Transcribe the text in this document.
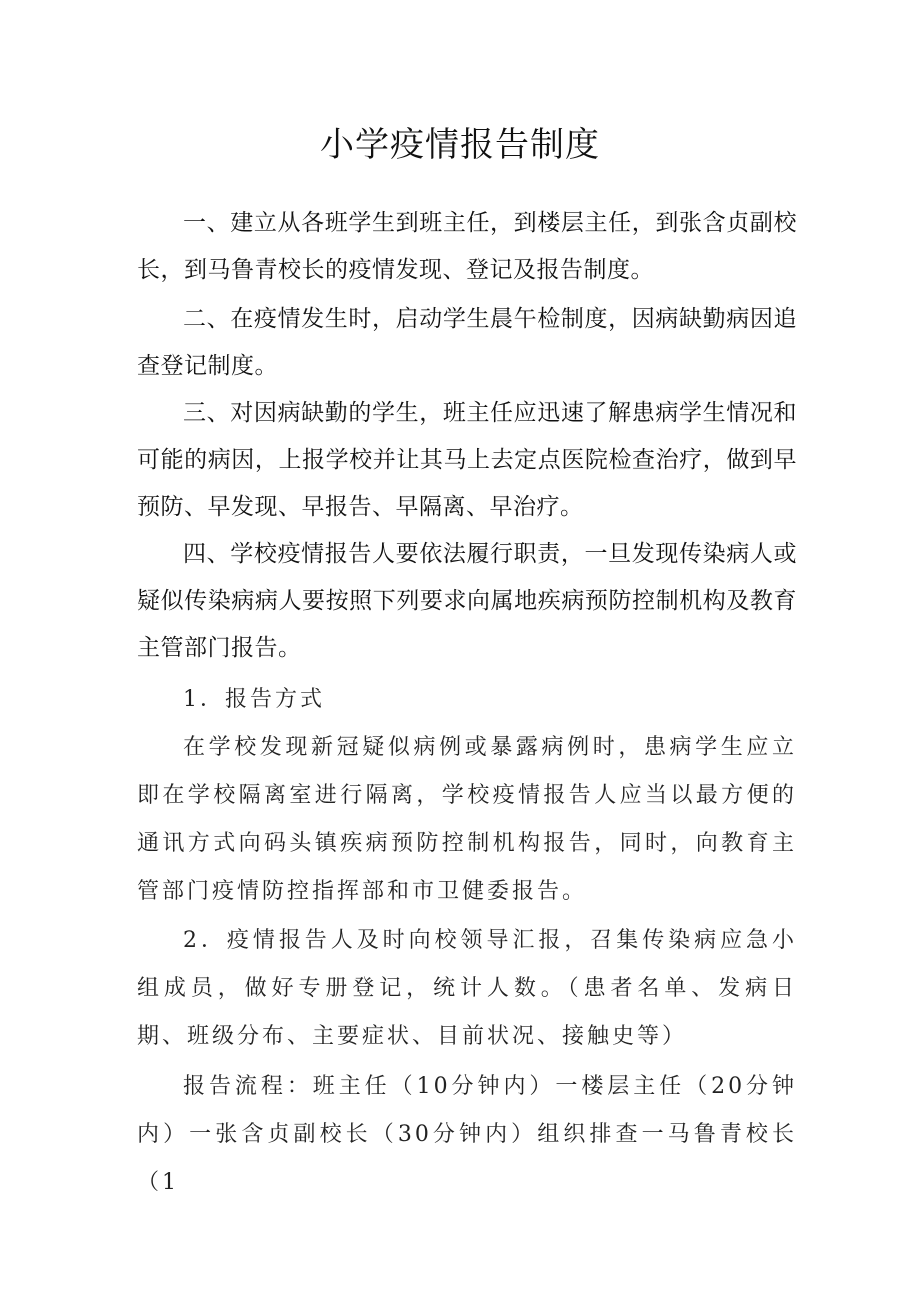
小学疫情报告制度

一、建立从各班学生到班主任，到楼层主任，到张含贞副校长，到马鲁青校长的疫情发现、登记及报告制度。

二、在疫情发生时，启动学生晨午检制度，因病缺勤病因追查登记制度。

三、对因病缺勤的学生，班主任应迅速了解患病学生情况和可能的病因，上报学校并让其马上去定点医院检查治疗，做到早预防、早发现、早报告、早隔离、早治疗。

四、学校疫情报告人要依法履行职责，一旦发现传染病人或疑似传染病病人要按照下列要求向属地疾病预防控制机构及教育主管部门报告。

1．报告方式

在学校发现新冠疑似病例或暴露病例时，患病学生应立即在学校隔离室进行隔离，学校疫情报告人应当以最方便的通讯方式向码头镇疾病预防控制机构报告，同时，向教育主管部门疫情防控指挥部和市卫健委报告。

2．疫情报告人及时向校领导汇报，召集传染病应急小组成员，做好专册登记，统计人数。（患者名单、发病日期、班级分布、主要症状、目前状况、接触史等）

报告流程：班主任（10分钟内）一楼层主任（20分钟内）一张含贞副校长（30分钟内）组织排查一马鲁青校长（1
